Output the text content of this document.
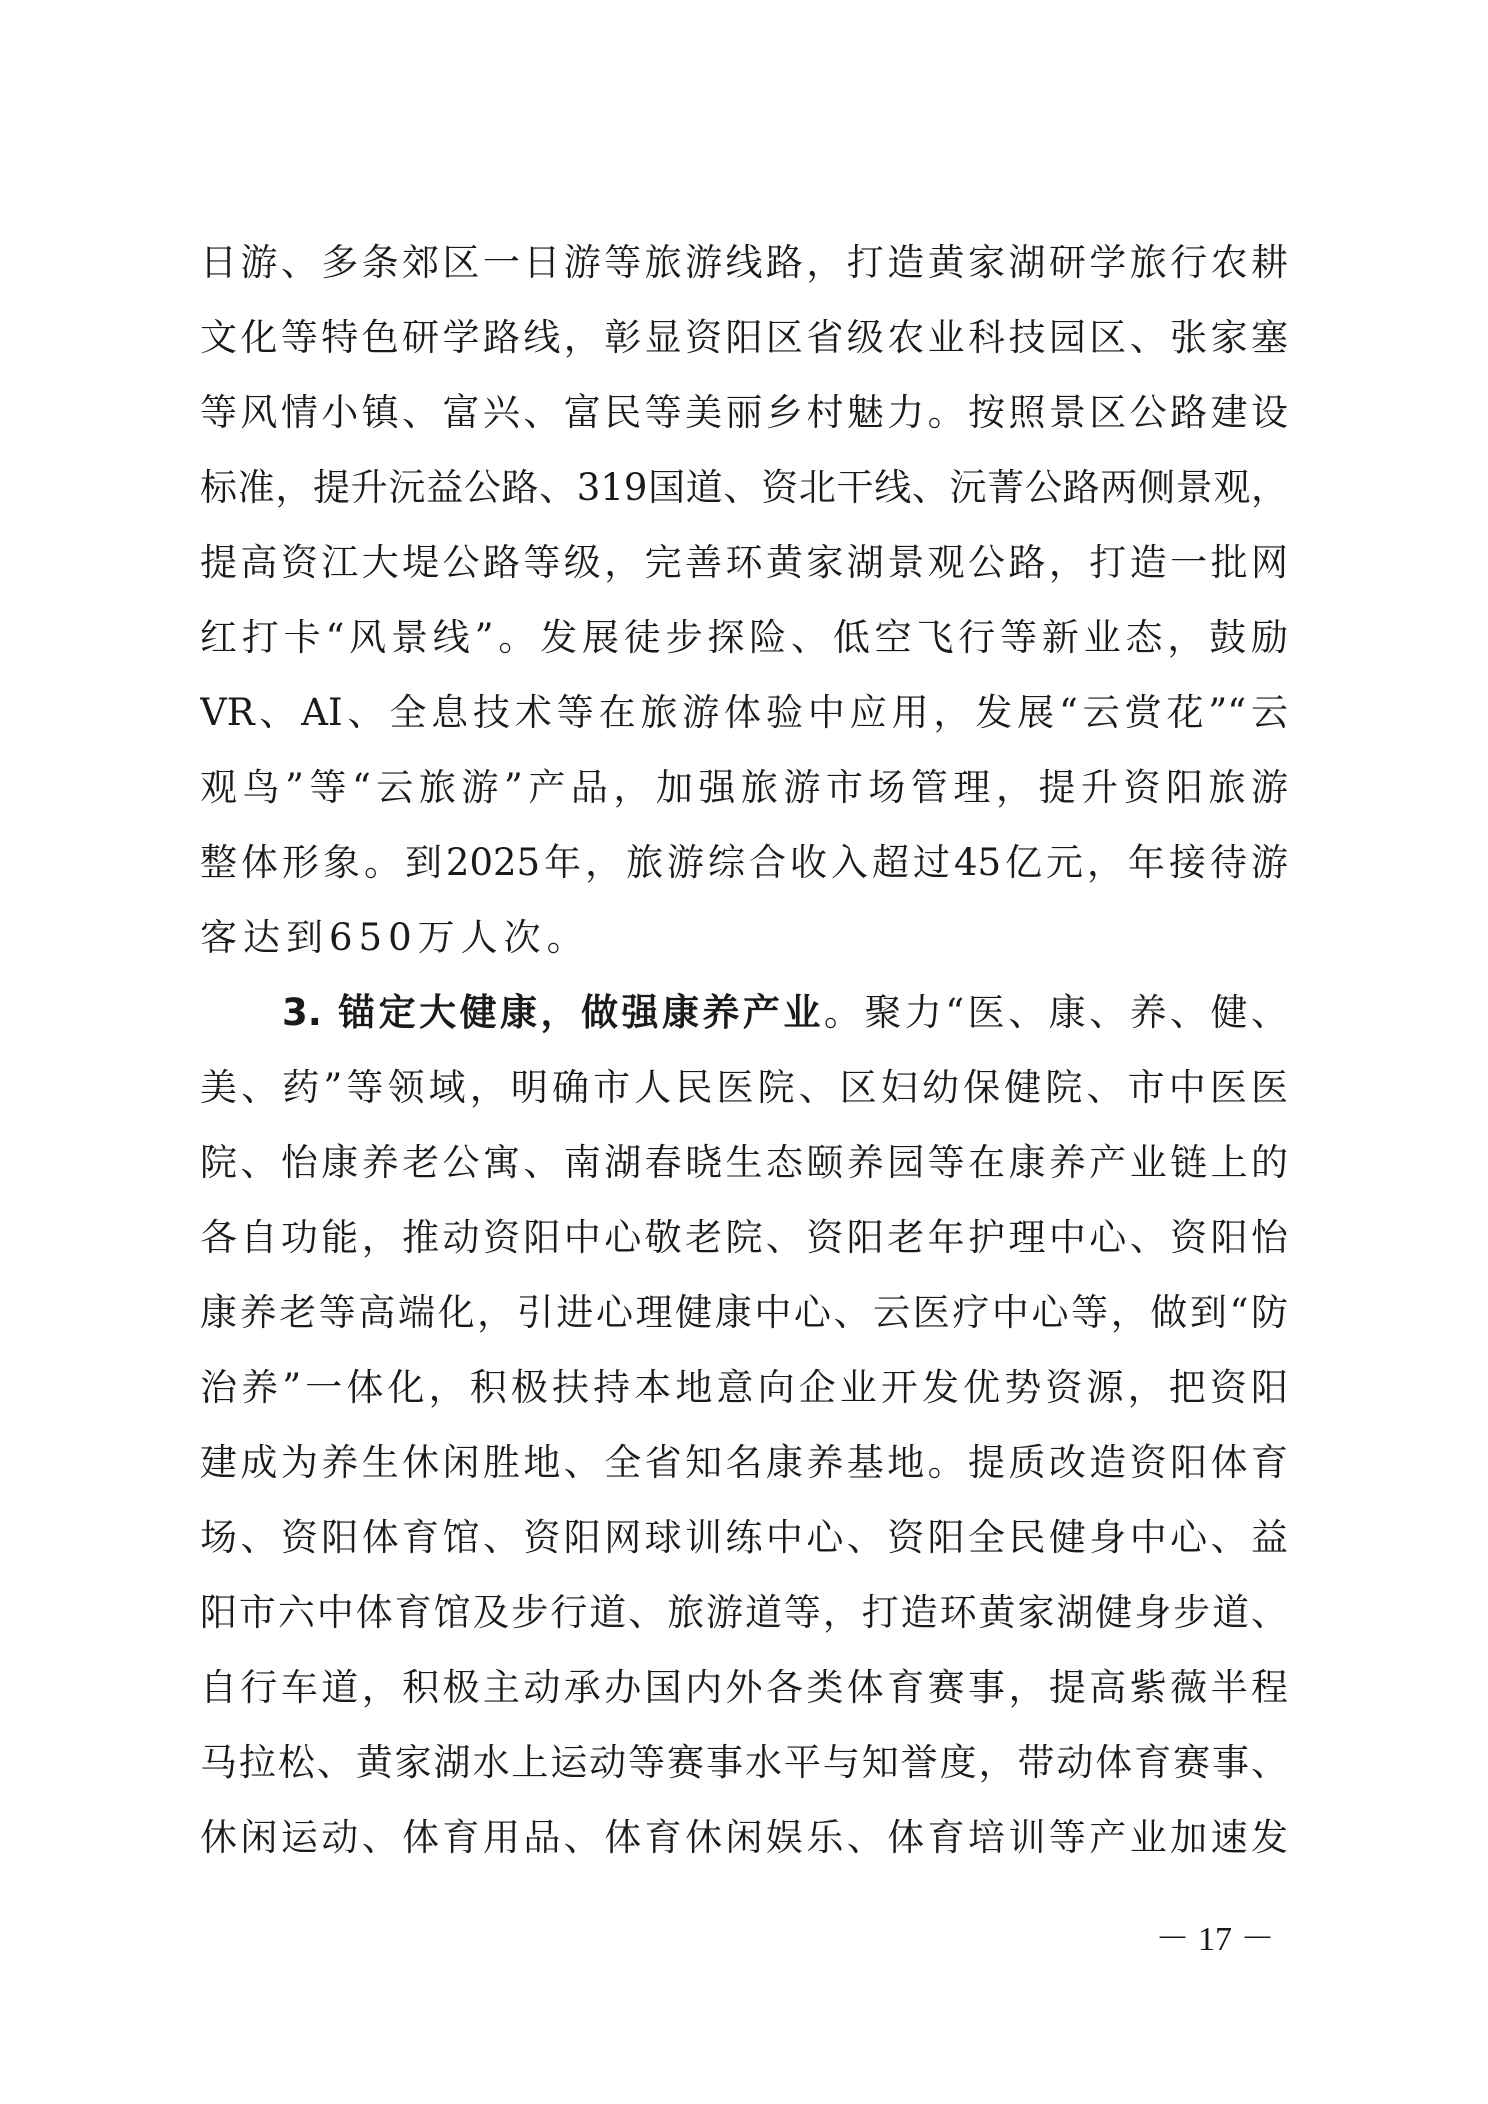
日游、多条郊区一日游等旅游线路，打造黄家湖研学旅行农耕
文化等特色研学路线，彰显资阳区省级农业科技园区、张家塞
等风情小镇、富兴、富民等美丽乡村魅力。按照景区公路建设
标准，提升沅益公路、319国道、资北干线、沅菁公路两侧景观，
提高资江大堤公路等级，完善环黄家湖景观公路，打造一批网
红打卡“风景线”。发展徒步探险、低空飞行等新业态，鼓励
VR、AI、全息技术等在旅游体验中应用，发展“云赏花”“云
观鸟”等“云旅游”产品，加强旅游市场管理，提升资阳旅游
整体形象。到2025年，旅游综合收入超过45亿元，年接待游
客达到650万人次。
3. 锚定大健康，做强康养产业。聚力“医、康、养、健、
美、药”等领域，明确市人民医院、区妇幼保健院、市中医医
院、怡康养老公寓、南湖春晓生态颐养园等在康养产业链上的
各自功能，推动资阳中心敬老院、资阳老年护理中心、资阳怡
康养老等高端化，引进心理健康中心、云医疗中心等，做到“防
治养”一体化，积极扶持本地意向企业开发优势资源，把资阳
建成为养生休闲胜地、全省知名康养基地。提质改造资阳体育
场、资阳体育馆、资阳网球训练中心、资阳全民健身中心、益
阳市六中体育馆及步行道、旅游道等，打造环黄家湖健身步道、
自行车道，积极主动承办国内外各类体育赛事，提高紫薇半程
马拉松、黄家湖水上运动等赛事水平与知誉度，带动体育赛事、
休闲运动、体育用品、体育休闲娱乐、体育培训等产业加速发
－ 17 －
